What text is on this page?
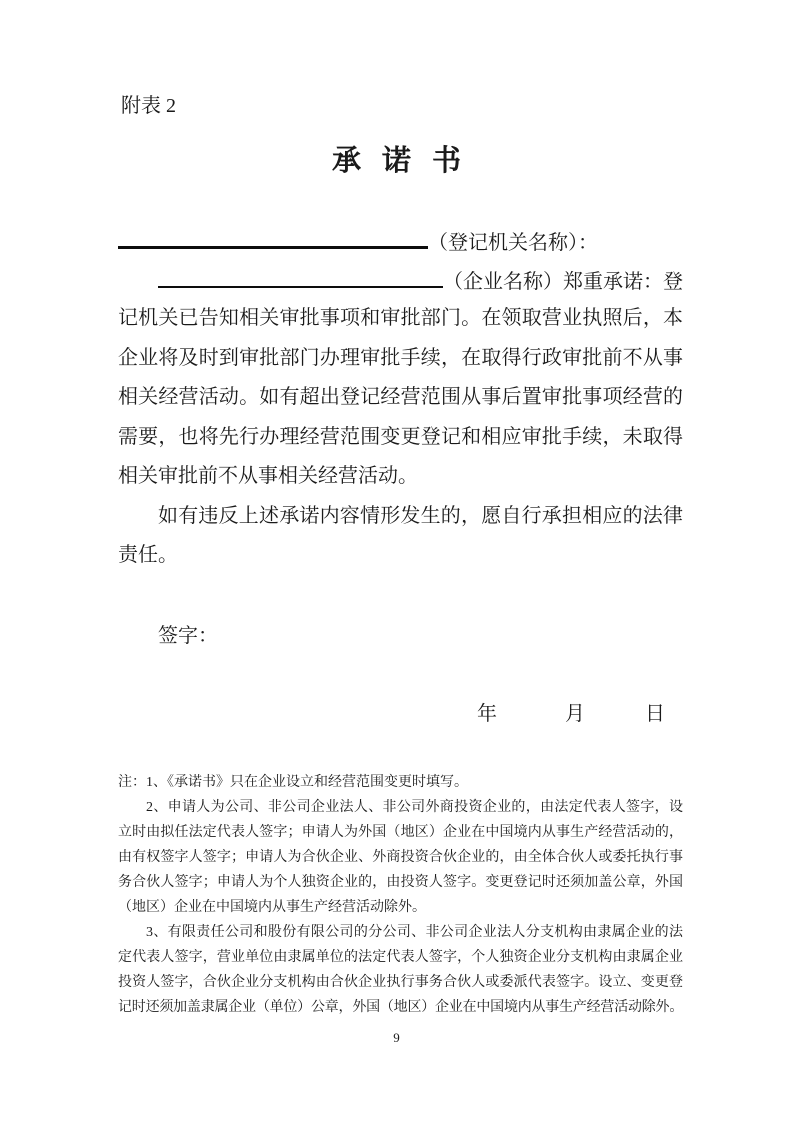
附表 2
承诺书
（登记机关名称）：
（企业名称）郑重承诺：登
记机关已告知相关审批事项和审批部门。在领取营业执照后，本
企业将及时到审批部门办理审批手续，在取得行政审批前不从事
相关经营活动。如有超出登记经营范围从事后置审批事项经营的
需要，也将先行办理经营范围变更登记和相应审批手续，未取得
相关审批前不从事相关经营活动。
如有违反上述承诺内容情形发生的，愿自行承担相应的法律
责任。
签字：
年	月	日
注：1、《承诺书》只在企业设立和经营范围变更时填写。
2、申请人为公司、非公司企业法人、非公司外商投资企业的，由法定代表人签字，设
立时由拟任法定代表人签字；申请人为外国（地区）企业在中国境内从事生产经营活动的，
由有权签字人签字；申请人为合伙企业、外商投资合伙企业的，由全体合伙人或委托执行事
务合伙人签字；申请人为个人独资企业的，由投资人签字。变更登记时还须加盖公章，外国
（地区）企业在中国境内从事生产经营活动除外。
3、有限责任公司和股份有限公司的分公司、非公司企业法人分支机构由隶属企业的法
定代表人签字，营业单位由隶属单位的法定代表人签字，个人独资企业分支机构由隶属企业
投资人签字，合伙企业分支机构由合伙企业执行事务合伙人或委派代表签字。设立、变更登
记时还须加盖隶属企业（单位）公章，外国（地区）企业在中国境内从事生产经营活动除外。
9
